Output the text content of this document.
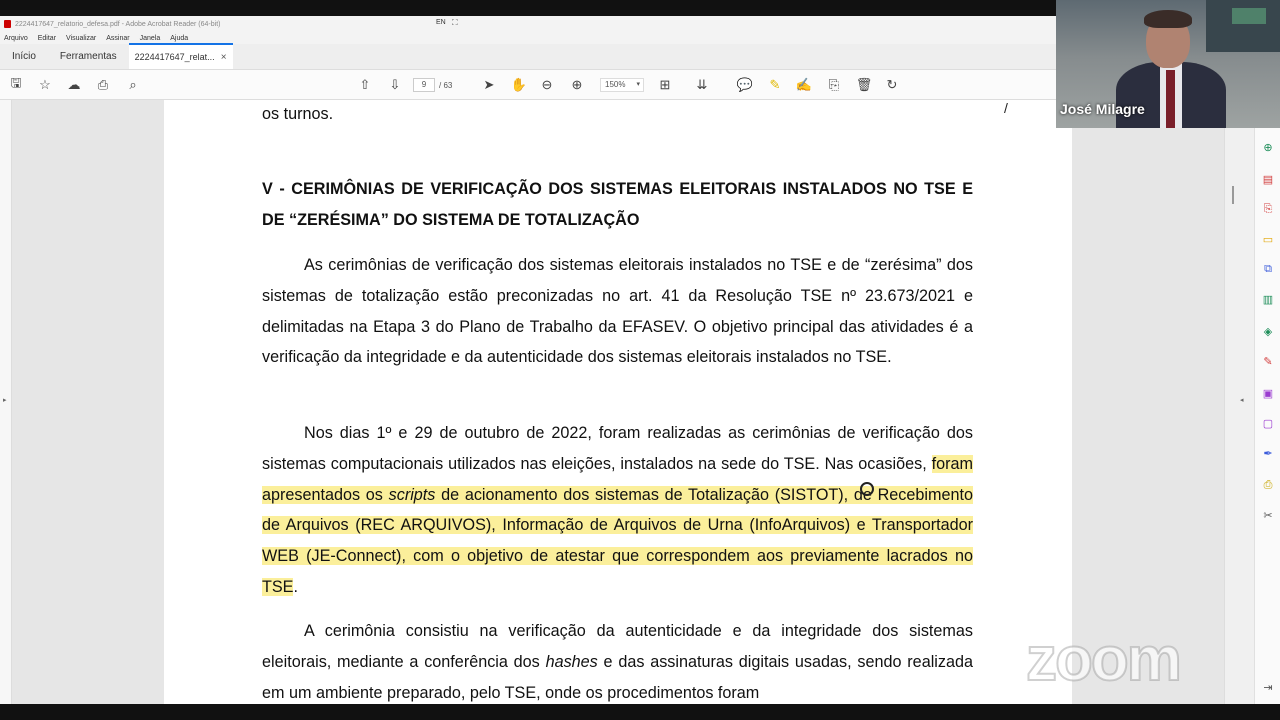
2224417647_relatorio_defesa.pdf - Adobe Acrobat Reader (64-bit)	EN ⛶
Arquivo Editar Visualizar Assinar Janela Ajuda
Início	Ferramentas	2224417647_relat... ×
🖫 ☆ ☁ ⎙	⌕	⇧ ⇩	9	/ 63 ➤ ✋ ⊖ ⊕	150% ▾	⊞ ⇊ 💬 ✎ ✍ ⎘ 🗑 ↻
▸
os turnos.	/
V - CERIMÔNIAS DE VERIFICAÇÃO DOS SISTEMAS ELEITORAIS INSTALADOS NO TSE E DE “ZERÉSIMA” DO SISTEMA DE TOTALIZAÇÃO
As cerimônias de verificação dos sistemas eleitorais instalados no TSE e de “zerésima” dos sistemas de totalização estão preconizadas no art. 41 da Resolução TSE nº 23.673/2021 e delimitadas na Etapa 3 do Plano de Trabalho da EFASEV. O objetivo principal das atividades é a verificação da integridade e da autenticidade dos sistemas eleitorais instalados no TSE.
Nos dias 1º e 29 de outubro de 2022, foram realizadas as cerimônias de verificação dos sistemas computacionais utilizados nas eleições, instalados na sede do TSE. Nas ocasiões, foram apresentados os scripts de acionamento dos sistemas de Totalização (SISTOT), de Recebimento de Arquivos (REC ARQUIVOS), Informação de Arquivos de Urna (InfoArquivos) e Transportador WEB (JE-Connect), com o objetivo de atestar que correspondem aos previamente lacrados no TSE.
A cerimônia consistiu na verificação da autenticidade e da integridade dos sistemas eleitorais, mediante a conferência dos hashes e das assinaturas digitais usadas, sendo realizada em um ambiente preparado, pelo TSE, onde os procedimentos foram
◂
⊕
▤
⎘
▭
⧉
▥
◈
✎
▣
▢
✒
⎙
✂
⇥
José Milagre
zoom
